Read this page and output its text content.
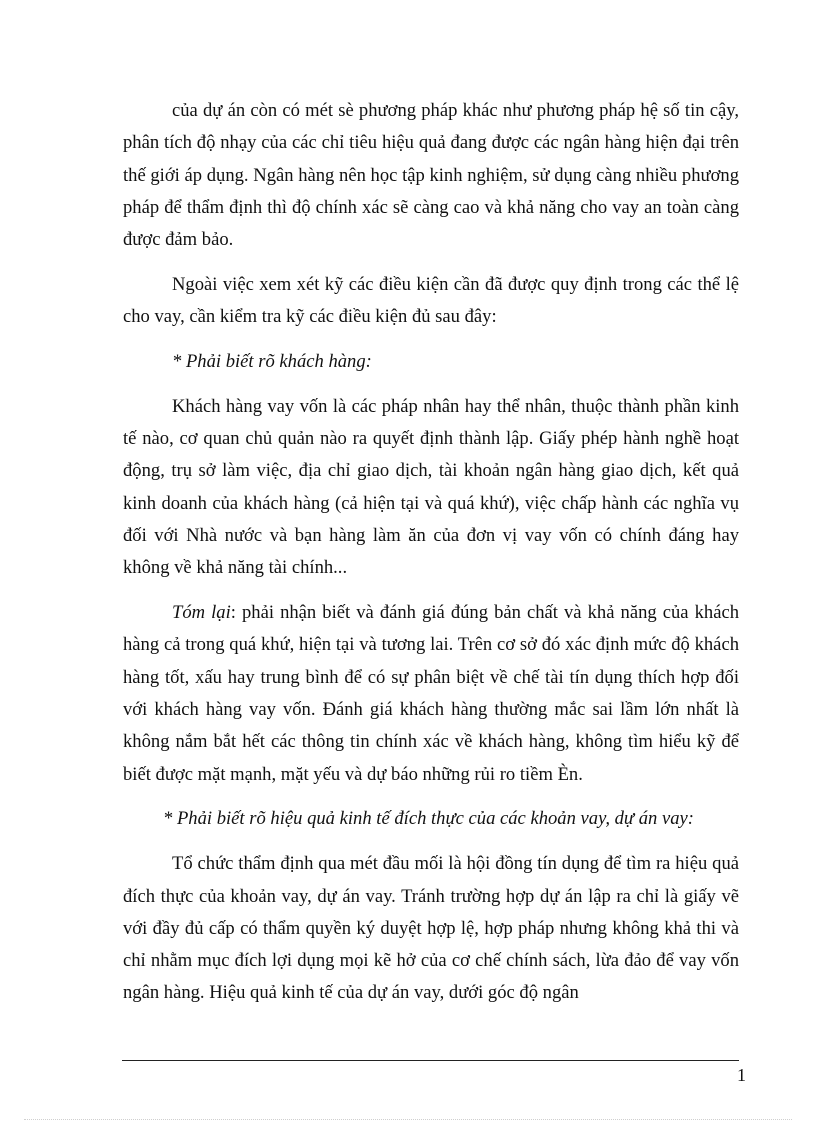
của dự án còn có mét sè phương pháp khác như phương pháp hệ số tin cậy, phân tích độ nhạy của các chỉ tiêu hiệu quả đang được các ngân hàng hiện đại trên thế giới áp dụng. Ngân hàng nên học tập kinh nghiệm, sử dụng càng nhiều phương pháp để thẩm định thì độ chính xác sẽ càng cao và khả năng cho vay an toàn càng được đảm bảo.

Ngoài việc xem xét kỹ các điều kiện cần đã được quy định trong các thể lệ cho vay, cần kiểm tra kỹ các điều kiện đủ sau đây:

* Phải biết rõ khách hàng:

Khách hàng vay vốn là các pháp nhân hay thể nhân, thuộc thành phần kinh tế nào, cơ quan chủ quản nào ra quyết định thành lập. Giấy phép hành nghề hoạt động, trụ sở làm việc, địa chỉ giao dịch, tài khoản ngân hàng giao dịch, kết quả kinh doanh của khách hàng (cả hiện tại và quá khứ), việc chấp hành các nghĩa vụ đối với Nhà nước và bạn hàng làm ăn của đơn vị vay vốn có chính đáng hay không về khả năng tài chính...

Tóm lại: phải nhận biết và đánh giá đúng bản chất và khả năng của khách hàng cả trong quá khứ, hiện tại và tương lai. Trên cơ sở đó xác định mức độ khách hàng tốt, xấu hay trung bình để có sự phân biệt về chế tài tín dụng thích hợp đối với khách hàng vay vốn. Đánh giá khách hàng thường mắc sai lầm lớn nhất là không nắm bắt hết các thông tin chính xác về khách hàng, không tìm hiểu kỹ để biết được mặt mạnh, mặt yếu và dự báo những rủi ro tiềm Èn.

* Phải biết rõ hiệu quả kinh tế đích thực của các khoản vay, dự án vay:

Tổ chức thẩm định qua mét đầu mối là hội đồng tín dụng để tìm ra hiệu quả đích thực của khoản vay, dự án vay. Tránh trường hợp dự án lập ra chỉ là giấy vẽ với đầy đủ cấp có thẩm quyền ký duyệt hợp lệ, hợp pháp nhưng không khả thi và chỉ nhằm mục đích lợi dụng mọi kẽ hở của cơ chế chính sách, lừa đảo để vay vốn ngân hàng. Hiệu quả kinh tế của dự án vay, dưới góc độ ngân

1
